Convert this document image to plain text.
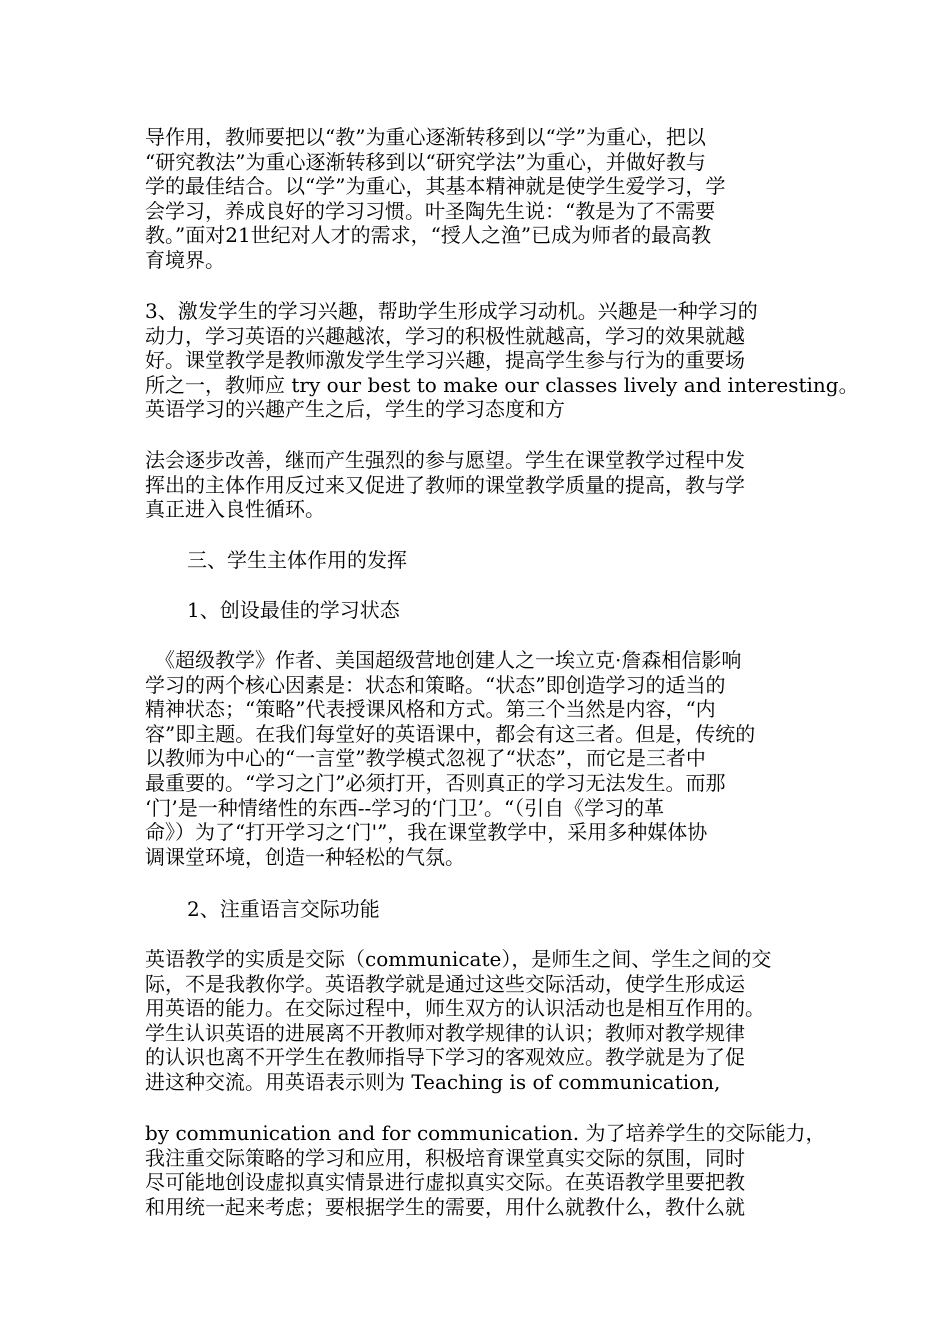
导作用，教师要把以“教”为重心逐渐转移到以“学”为重心，把以
“研究教法”为重心逐渐转移到以“研究学法”为重心，并做好教与
学的最佳结合。以“学”为重心，其基本精神就是使学生爱学习，学
会学习，养成良好的学习习惯。叶圣陶先生说：“教是为了不需要
教。”面对21世纪对人才的需求，“授人之渔”已成为师者的最高教
育境界。
3、激发学生的学习兴趣，帮助学生形成学习动机。兴趣是一种学习的
动力，学习英语的兴趣越浓，学习的积极性就越高，学习的效果就越
好。课堂教学是教师激发学生学习兴趣，提高学生参与行为的重要场
所之一，教师应 try our best to make our classes lively and interesting。
英语学习的兴趣产生之后，学生的学习态度和方
法会逐步改善，继而产生强烈的参与愿望。学生在课堂教学过程中发
挥出的主体作用反过来又促进了教师的课堂教学质量的提高，教与学
真正进入良性循环。
三、学生主体作用的发挥
1、创设最佳的学习状态
《超级教学》作者、美国超级营地创建人之一埃立克·詹森相信影响
学习的两个核心因素是：状态和策略。“状态”即创造学习的适当的
精神状态；“策略”代表授课风格和方式。第三个当然是内容，“内
容”即主题。在我们每堂好的英语课中，都会有这三者。但是，传统的
以教师为中心的“一言堂”教学模式忽视了“状态”，而它是三者中
最重要的。“学习之门”必须打开，否则真正的学习无法发生。而那
‘门’是一种情绪性的东西--学习的‘门卫’。“（引自《学习的革
命》）为了“打开学习之‘门'”，我在课堂教学中，采用多种媒体协
调课堂环境，创造一种轻松的气氛。
2、注重语言交际功能
英语教学的实质是交际（communicate），是师生之间、学生之间的交
际，不是我教你学。英语教学就是通过这些交际活动，使学生形成运
用英语的能力。在交际过程中，师生双方的认识活动也是相互作用的。
学生认识英语的进展离不开教师对教学规律的认识；教师对教学规律
的认识也离不开学生在教师指导下学习的客观效应。教学就是为了促
进这种交流。用英语表示则为 Teaching is of communication,
by communication and for communication. 为了培养学生的交际能力，
我注重交际策略的学习和应用，积极培育课堂真实交际的氛围，同时
尽可能地创设虚拟真实情景进行虚拟真实交际。在英语教学里要把教
和用统一起来考虑；要根据学生的需要，用什么就教什么，教什么就
